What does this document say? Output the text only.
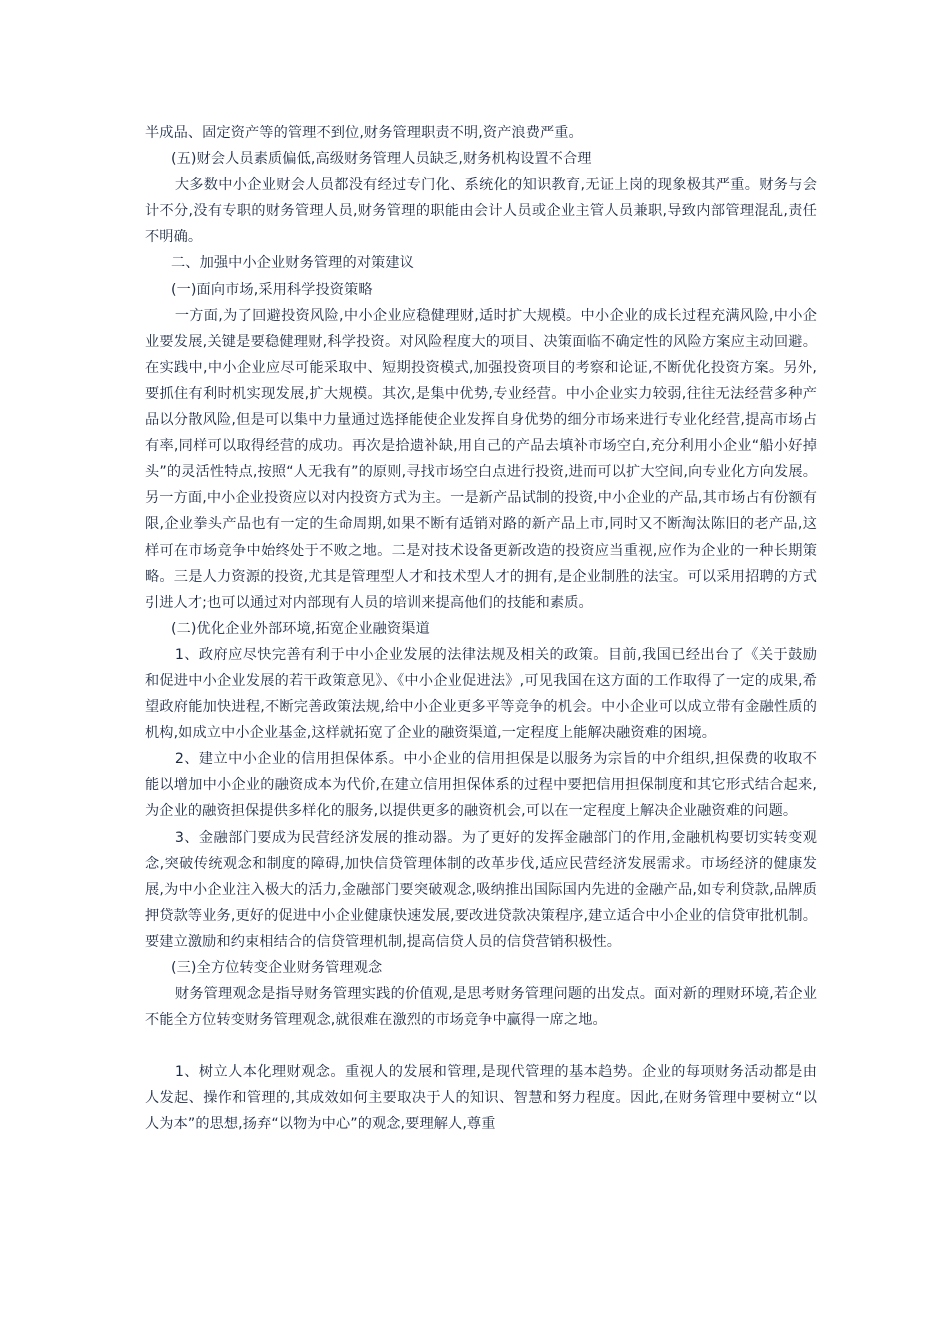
半成品、固定资产等的管理不到位,财务管理职责不明,资产浪费严重。

(五)财会人员素质偏低,高级财务管理人员缺乏,财务机构设置不合理

大多数中小企业财会人员都没有经过专门化、系统化的知识教育,无证上岗的现象极其严重。财务与会计不分,没有专职的财务管理人员,财务管理的职能由会计人员或企业主管人员兼职,导致内部管理混乱,责任不明确。

二、加强中小企业财务管理的对策建议

(一)面向市场,采用科学投资策略

一方面,为了回避投资风险,中小企业应稳健理财,适时扩大规模。中小企业的成长过程充满风险,中小企业要发展,关键是要稳健理财,科学投资。对风险程度大的项目、决策面临不确定性的风险方案应主动回避。在实践中,中小企业应尽可能采取中、短期投资模式,加强投资项目的考察和论证,不断优化投资方案。另外,要抓住有利时机实现发展,扩大规模。其次,是集中优势,专业经营。中小企业实力较弱,往往无法经营多种产品以分散风险,但是可以集中力量通过选择能使企业发挥自身优势的细分市场来进行专业化经营,提高市场占有率,同样可以取得经营的成功。再次是拾遗补缺,用自己的产品去填补市场空白,充分利用小企业“船小好掉头”的灵活性特点,按照“人无我有”的原则,寻找市场空白点进行投资,进而可以扩大空间,向专业化方向发展。另一方面,中小企业投资应以对内投资方式为主。一是新产品试制的投资,中小企业的产品,其市场占有份额有限,企业拳头产品也有一定的生命周期,如果不断有适销对路的新产品上市,同时又不断淘汰陈旧的老产品,这样可在市场竞争中始终处于不败之地。二是对技术设备更新改造的投资应当重视,应作为企业的一种长期策略。三是人力资源的投资,尤其是管理型人才和技术型人才的拥有,是企业制胜的法宝。可以采用招聘的方式引进人才;也可以通过对内部现有人员的培训来提高他们的技能和素质。

(二)优化企业外部环境,拓宽企业融资渠道

1、政府应尽快完善有利于中小企业发展的法律法规及相关的政策。目前,我国已经出台了《关于鼓励和促进中小企业发展的若干政策意见》、《中小企业促进法》,可见我国在这方面的工作取得了一定的成果,希望政府能加快进程,不断完善政策法规,给中小企业更多平等竞争的机会。中小企业可以成立带有金融性质的机构,如成立中小企业基金,这样就拓宽了企业的融资渠道,一定程度上能解决融资难的困境。

2、建立中小企业的信用担保体系。中小企业的信用担保是以服务为宗旨的中介组织,担保费的收取不能以增加中小企业的融资成本为代价,在建立信用担保体系的过程中要把信用担保制度和其它形式结合起来,为企业的融资担保提供多样化的服务,以提供更多的融资机会,可以在一定程度上解决企业融资难的问题。

3、金融部门要成为民营经济发展的推动器。为了更好的发挥金融部门的作用,金融机构要切实转变观念,突破传统观念和制度的障碍,加快信贷管理体制的改革步伐,适应民营经济发展需求。市场经济的健康发展,为中小企业注入极大的活力,金融部门要突破观念,吸纳推出国际国内先进的金融产品,如专利贷款,品牌质押贷款等业务,更好的促进中小企业健康快速发展,要改进贷款决策程序,建立适合中小企业的信贷审批机制。要建立激励和约束相结合的信贷管理机制,提高信贷人员的信贷营销积极性。

(三)全方位转变企业财务管理观念

财务管理观念是指导财务管理实践的价值观,是思考财务管理问题的出发点。面对新的理财环境,若企业不能全方位转变财务管理观念,就很难在激烈的市场竞争中赢得一席之地。

1、树立人本化理财观念。重视人的发展和管理,是现代管理的基本趋势。企业的每项财务活动都是由人发起、操作和管理的,其成效如何主要取决于人的知识、智慧和努力程度。因此,在财务管理中要树立“以人为本”的思想,扬弃“以物为中心”的观念,要理解人,尊重
